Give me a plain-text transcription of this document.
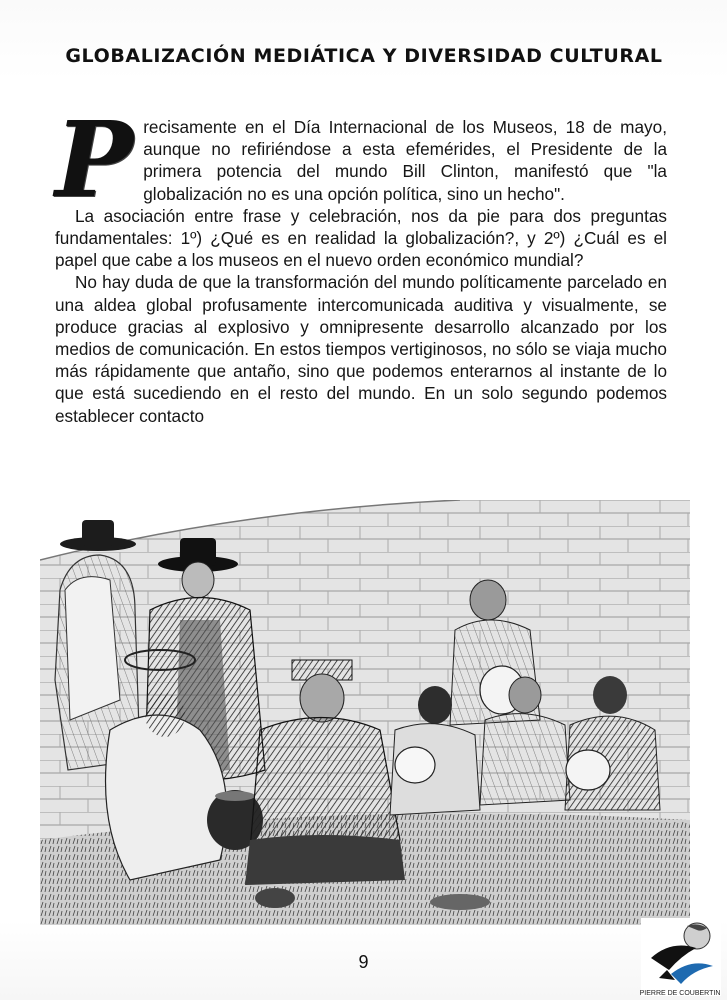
GLOBALIZACIÓN MEDIÁTICA Y DIVERSIDAD CULTURAL

Precisamente en el Día Internacional de los Museos, 18 de mayo, aunque no refiriéndose a esta efemérides, el Presidente de la primera potencia del mundo Bill Clinton, manifestó que "la globalización no es una opción política, sino un hecho".

La asociación entre frase y celebración, nos da pie para dos preguntas fundamentales: 1º) ¿Qué es en realidad la globalización?, y 2º) ¿Cuál es el papel que cabe a los museos en el nuevo orden económico mundial?

No hay duda de que la transformación del mundo políticamente parcelado en una aldea global profusamente intercomunicada auditiva y visualmente, se produce gracias al explosivo y omnipresente desarrollo alcanzado por los medios de comunicación. En estos tiempos vertiginosos, no sólo se viaja mucho más rápidamente que antaño, sino que podemos enterarnos al instante de lo que está sucediendo en el resto del mundo. En un solo segundo podemos establecer contacto

9
PIERRE DE COUBERTIN
